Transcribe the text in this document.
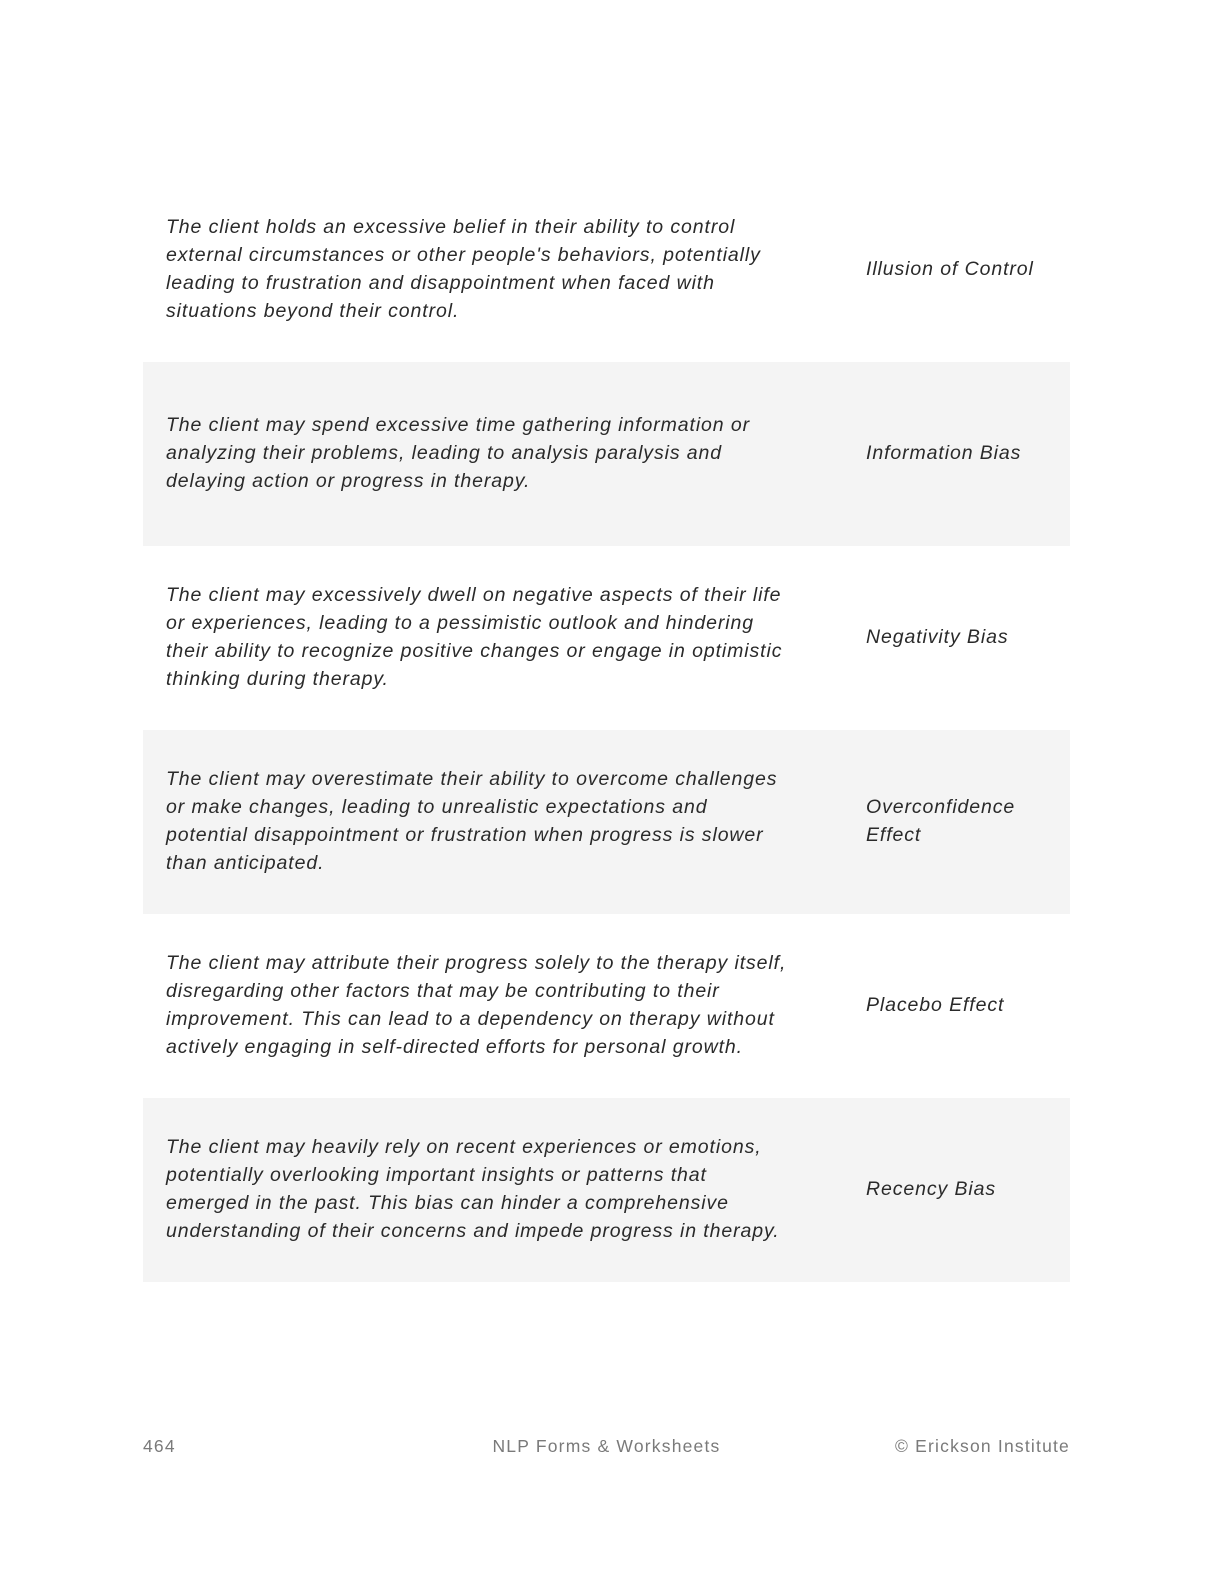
The client holds an excessive belief in their ability to control
external circumstances or other people's behaviors, potentially
leading to frustration and disappointment when faced with
situations beyond their control.
Illusion of Control
The client may spend excessive time gathering information or
analyzing their problems, leading to analysis paralysis and
delaying action or progress in therapy.
Information Bias
The client may excessively dwell on negative aspects of their life
or experiences, leading to a pessimistic outlook and hindering
their ability to recognize positive changes or engage in optimistic
thinking during therapy.
Negativity Bias
The client may overestimate their ability to overcome challenges
or make changes, leading to unrealistic expectations and
potential disappointment or frustration when progress is slower
than anticipated.
Overconfidence
Effect
The client may attribute their progress solely to the therapy itself,
disregarding other factors that may be contributing to their
improvement. This can lead to a dependency on therapy without
actively engaging in self-directed efforts for personal growth.
Placebo Effect
The client may heavily rely on recent experiences or emotions,
potentially overlooking important insights or patterns that
emerged in the past. This bias can hinder a comprehensive
understanding of their concerns and impede progress in therapy.
Recency Bias
464	NLP Forms & Worksheets	© Erickson Institute
